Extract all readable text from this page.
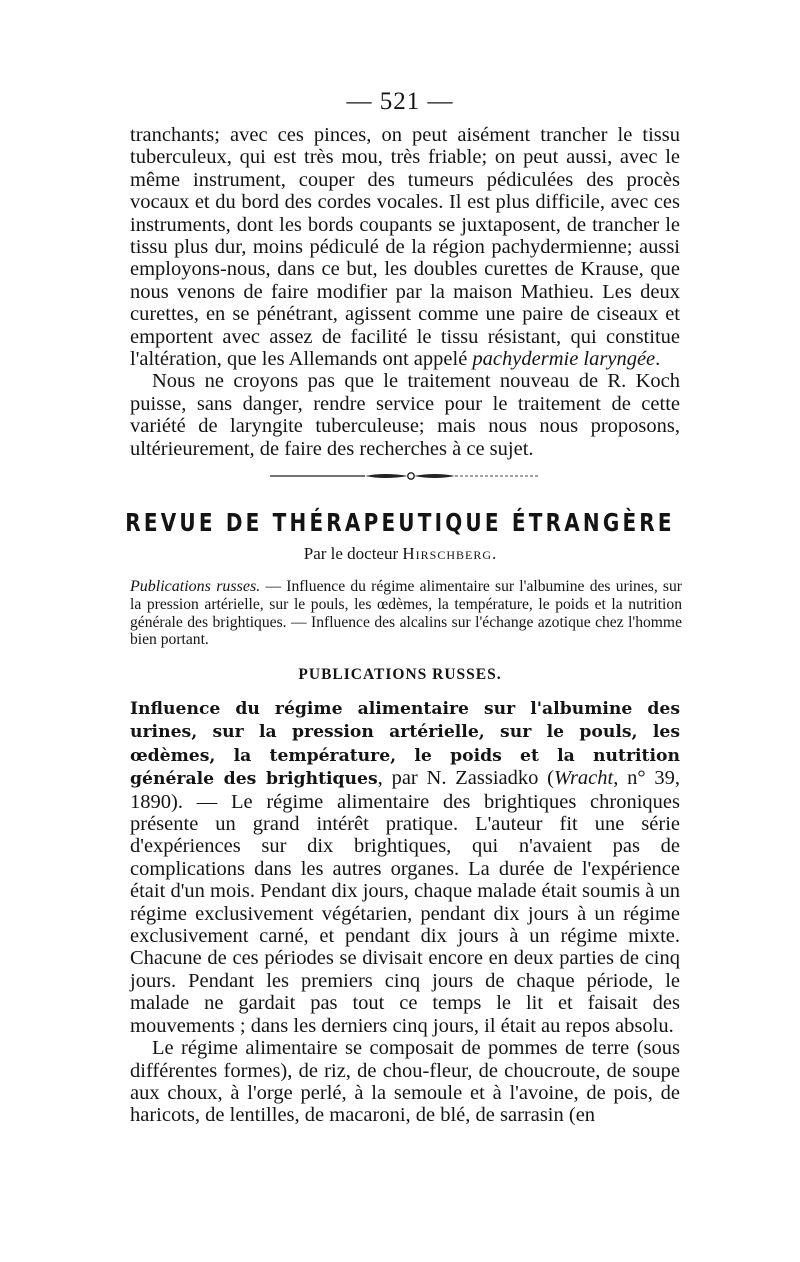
— 521 —

tranchants; avec ces pinces, on peut aisément trancher le tissu tuberculeux, qui est très mou, très friable; on peut aussi, avec le même instrument, couper des tumeurs pédiculées des procès vocaux et du bord des cordes vocales. Il est plus difficile, avec ces instruments, dont les bords coupants se juxtaposent, de trancher le tissu plus dur, moins pédiculé de la région pachydermienne; aussi employons-nous, dans ce but, les doubles curettes de Krause, que nous venons de faire modifier par la maison Mathieu. Les deux curettes, en se pénétrant, agissent comme une paire de ciseaux et emportent avec assez de facilité le tissu résistant, qui constitue l'altération, que les Allemands ont appelé pachydermie laryngée.

Nous ne croyons pas que le traitement nouveau de R. Koch puisse, sans danger, rendre service pour le traitement de cette variété de laryngite tuberculeuse; mais nous nous proposons, ultérieurement, de faire des recherches à ce sujet.

REVUE DE THÉRAPEUTIQUE ÉTRANGÈRE
Par le docteur Hirschberg.
Publications russes. — Influence du régime alimentaire sur l'albumine des urines, sur la pression artérielle, sur le pouls, les œdèmes, la température, le poids et la nutrition générale des brightiques. — Influence des alcalins sur l'échange azotique chez l'homme bien portant.
PUBLICATIONS RUSSES.

Influence du régime alimentaire sur l'albumine des urines, sur la pression artérielle, sur le pouls, les œdèmes, la température, le poids et la nutrition générale des brightiques, par N. Zassiadko (Wracht, n° 39, 1890). — Le régime alimentaire des brightiques chroniques présente un grand intérêt pratique. L'auteur fit une série d'expériences sur dix brightiques, qui n'avaient pas de complications dans les autres organes. La durée de l'expérience était d'un mois. Pendant dix jours, chaque malade était soumis à un régime exclusivement végétarien, pendant dix jours à un régime exclusivement carné, et pendant dix jours à un régime mixte. Chacune de ces périodes se divisait encore en deux parties de cinq jours. Pendant les premiers cinq jours de chaque période, le malade ne gardait pas tout ce temps le lit et faisait des mouvements ; dans les derniers cinq jours, il était au repos absolu.

Le régime alimentaire se composait de pommes de terre (sous différentes formes), de riz, de chou-fleur, de choucroute, de soupe aux choux, à l'orge perlé, à la semoule et à l'avoine, de pois, de haricots, de lentilles, de macaroni, de blé, de sarrasin (en
